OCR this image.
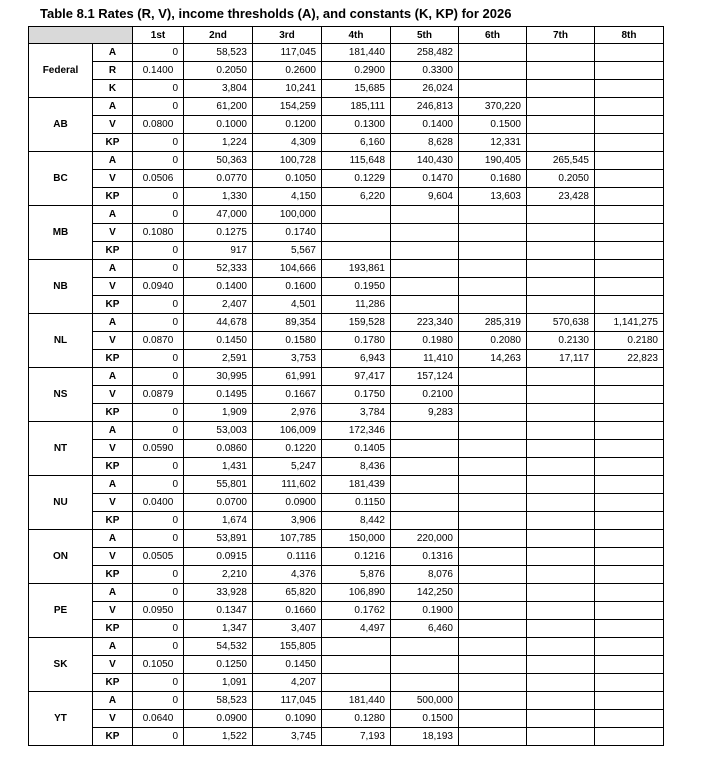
Table 8.1 Rates (R, V), income thresholds (A), and constants (K, KP) for 2026
		1st	2nd	3rd	4th	5th	6th	7th	8th
Federal	A	0	58,523	117,045	181,440	258,482			
	R	0.1400	0.2050	0.2600	0.2900	0.3300			
	K	0	3,804	10,241	15,685	26,024			
AB	A	0	61,200	154,259	185,111	246,813	370,220		
	V	0.0800	0.1000	0.1200	0.1300	0.1400	0.1500		
	KP	0	1,224	4,309	6,160	8,628	12,331		
BC	A	0	50,363	100,728	115,648	140,430	190,405	265,545	
	V	0.0506	0.0770	0.1050	0.1229	0.1470	0.1680	0.2050	
	KP	0	1,330	4,150	6,220	9,604	13,603	23,428	
MB	A	0	47,000	100,000					
	V	0.1080	0.1275	0.1740					
	KP	0	917	5,567					
NB	A	0	52,333	104,666	193,861				
	V	0.0940	0.1400	0.1600	0.1950				
	KP	0	2,407	4,501	11,286				
NL	A	0	44,678	89,354	159,528	223,340	285,319	570,638	1,141,275
	V	0.0870	0.1450	0.1580	0.1780	0.1980	0.2080	0.2130	0.2180
	KP	0	2,591	3,753	6,943	11,410	14,263	17,117	22,823
NS	A	0	30,995	61,991	97,417	157,124			
	V	0.0879	0.1495	0.1667	0.1750	0.2100			
	KP	0	1,909	2,976	3,784	9,283			
NT	A	0	53,003	106,009	172,346				
	V	0.0590	0.0860	0.1220	0.1405				
	KP	0	1,431	5,247	8,436				
NU	A	0	55,801	111,602	181,439				
	V	0.0400	0.0700	0.0900	0.1150				
	KP	0	1,674	3,906	8,442				
ON	A	0	53,891	107,785	150,000	220,000			
	V	0.0505	0.0915	0.1116	0.1216	0.1316			
	KP	0	2,210	4,376	5,876	8,076			
PE	A	0	33,928	65,820	106,890	142,250			
	V	0.0950	0.1347	0.1660	0.1762	0.1900			
	KP	0	1,347	3,407	4,497	6,460			
SK	A	0	54,532	155,805					
	V	0.1050	0.1250	0.1450					
	KP	0	1,091	4,207					
YT	A	0	58,523	117,045	181,440	500,000			
	V	0.0640	0.0900	0.1090	0.1280	0.1500			
	KP	0	1,522	3,745	7,193	18,193			
